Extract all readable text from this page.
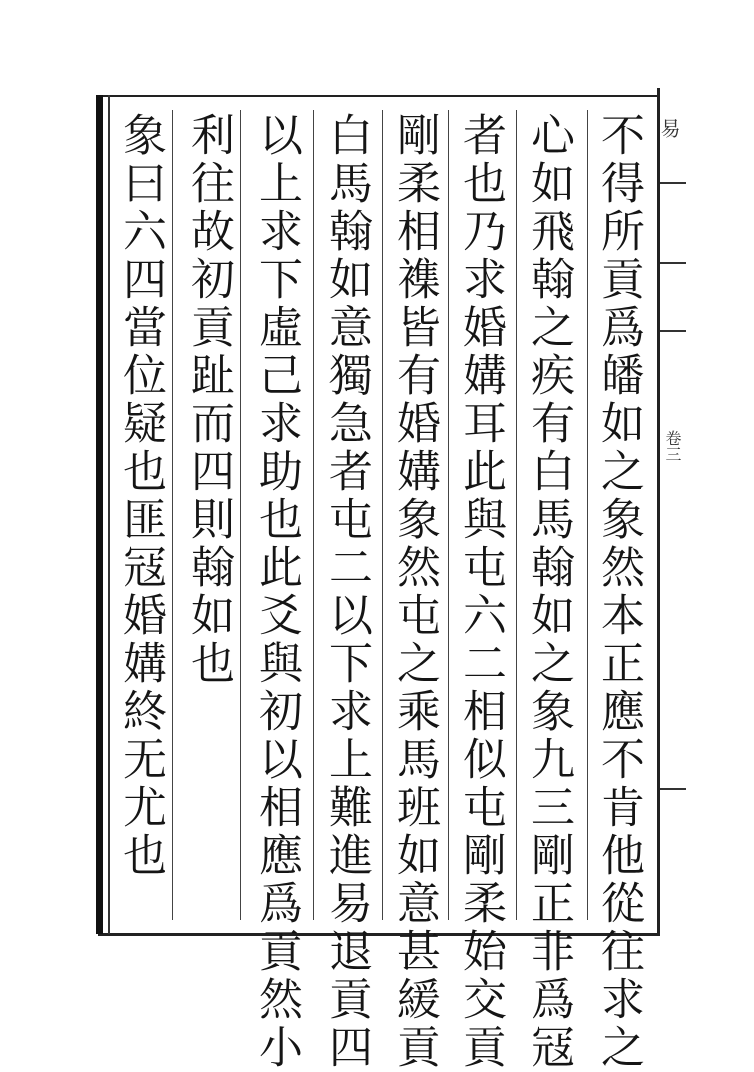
不得所貢爲皤如之象然本正應不肯他從往求之
心如飛翰之疾有白馬翰如之象九三剛正非爲冦
者也乃求婚媾耳此與屯六二相似屯剛柔始交貢
剛柔相襍皆有婚媾象然屯之乘馬班如意甚緩貢
白馬翰如意獨急者屯二以下求上難進易退貢四
以上求下虛己求助也此爻與初以相應爲貢然小
利往故初貢趾而四則翰如也
象曰六四當位疑也匪冦婚媾終无尤也	易
卷三
